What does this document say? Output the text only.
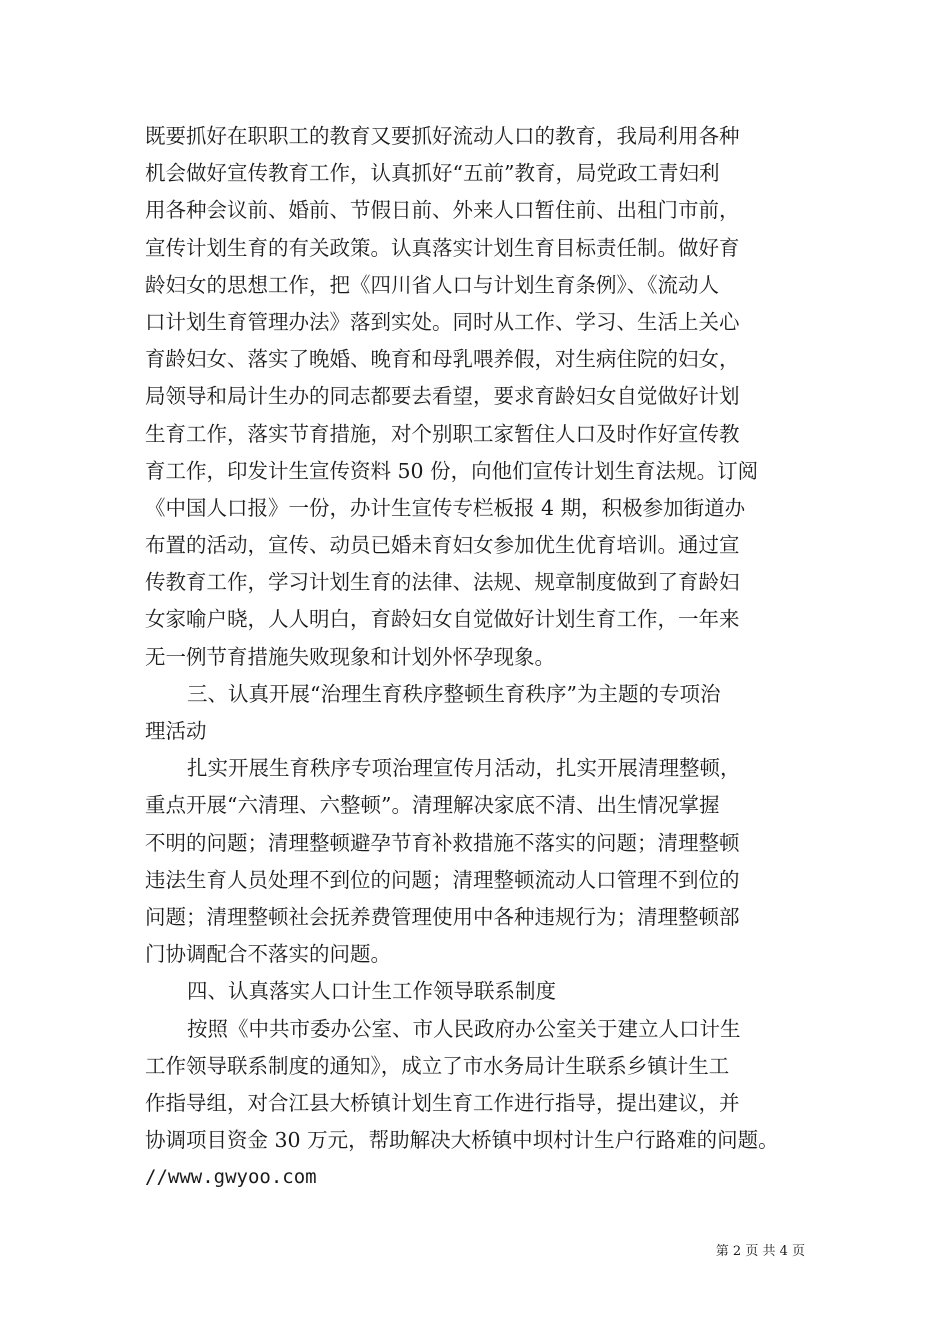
既要抓好在职职工的教育又要抓好流动人口的教育，我局利用各种
机会做好宣传教育工作，认真抓好“五前”教育，局党政工青妇利
用各种会议前、婚前、节假日前、外来人口暂住前、出租门市前，
宣传计划生育的有关政策。认真落实计划生育目标责任制。做好育
龄妇女的思想工作，把《四川省人口与计划生育条例》、《流动人
口计划生育管理办法》落到实处。同时从工作、学习、生活上关心
育龄妇女、落实了晚婚、晚育和母乳喂养假，对生病住院的妇女，
局领导和局计生办的同志都要去看望，要求育龄妇女自觉做好计划
生育工作，落实节育措施，对个别职工家暂住人口及时作好宣传教
育工作，印发计生宣传资料 50 份，向他们宣传计划生育法规。订阅
《中国人口报》一份，办计生宣传专栏板报 4 期，积极参加街道办
布置的活动，宣传、动员已婚未育妇女参加优生优育培训。通过宣
传教育工作，学习计划生育的法律、法规、规章制度做到了育龄妇
女家喻户晓，人人明白，育龄妇女自觉做好计划生育工作，一年来
无一例节育措施失败现象和计划外怀孕现象。
三、认真开展“治理生育秩序整顿生育秩序”为主题的专项治
理活动
扎实开展生育秩序专项治理宣传月活动，扎实开展清理整顿，
重点开展“六清理、六整顿”。清理解决家底不清、出生情况掌握
不明的问题；清理整顿避孕节育补救措施不落实的问题；清理整顿
违法生育人员处理不到位的问题；清理整顿流动人口管理不到位的
问题；清理整顿社会抚养费管理使用中各种违规行为；清理整顿部
门协调配合不落实的问题。
四、认真落实人口计生工作领导联系制度
按照《中共市委办公室、市人民政府办公室关于建立人口计生
工作领导联系制度的通知》，成立了市水务局计生联系乡镇计生工
作指导组，对合江县大桥镇计划生育工作进行指导，提出建议，并
协调项目资金 30 万元，帮助解决大桥镇中坝村计生户行路难的问题。
//www.gwyoo.com
第 2 页 共 4 页
